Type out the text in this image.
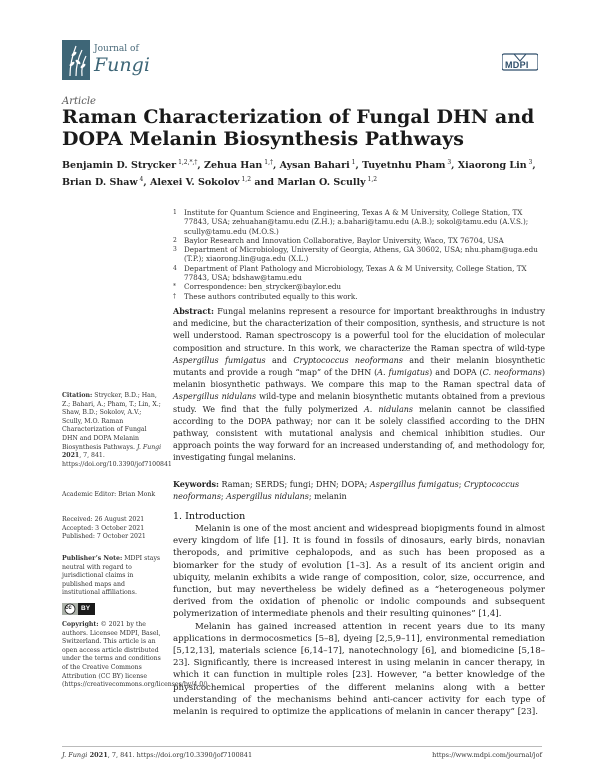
Journal of
Fungi	MDPI
Article
Raman Characterization of Fungal DHN and DOPA Melanin Biosynthesis Pathways
Benjamin D. Strycker $^{1,2,*,\dagger}$, Zehua Han $^{1,\dagger}$, Aysan Bahari $^1$, Tuyetnhu Pham $^3$, Xiaorong Lin $^3$, Brian D. Shaw $^4$, Alexei V. Sokolov $^{1,2}$ and Marlan O. Scully $^{1,2}$
1 Institute for Quantum Science and Engineering, Texas A & M University, College Station, TX 77843, USA; zehuahan@tamu.edu (Z.H.); a.bahari@tamu.edu (A.B.); sokol@tamu.edu (A.V.S.); scully@tamu.edu (M.O.S.)
2 Baylor Research and Innovation Collaborative, Baylor University, Waco, TX 76704, USA
3 Department of Microbiology, University of Georgia, Athens, GA 30602, USA; nhu.pham@uga.edu (T.P.); xiaorong.lin@uga.edu (X.L.)
4 Department of Plant Pathology and Microbiology, Texas A & M University, College Station, TX 77843, USA; bdshaw@tamu.edu
* Correspondence: ben_strycker@baylor.edu
† These authors contributed equally to this work.
Abstract: Fungal melanins represent a resource for important breakthroughs in industry and medicine, but the characterization of their composition, synthesis, and structure is not well understood. Raman spectroscopy is a powerful tool for the elucidation of molecular composition and structure. In this work, we characterize the Raman spectra of wild-type Aspergillus fumigatus and Cryptococcus neoformans and their melanin biosynthetic mutants and provide a rough “map” of the DHN (A. fumigatus) and DOPA (C. neoformans) melanin biosynthetic pathways. We compare this map to the Raman spectral data of Aspergillus nidulans wild-type and melanin biosynthetic mutants obtained from a previous study. We find that the fully polymerized A. nidulans melanin cannot be classified according to the DOPA pathway; nor can it be solely classified according to the DHN pathway, consistent with mutational analysis and chemical inhibition studies. Our approach points the way forward for an increased understanding of, and methodology for, investigating fungal melanins.
Keywords: Raman; SERDS; fungi; DHN; DOPA; Aspergillus fumigatus; Cryptococcus neoformans; Aspergillus nidulans; melanin
Citation: Strycker, B.D.; Han, Z.; Bahari, A.; Pham, T.; Lin, X.; Shaw, B.D.; Sokolov, A.V.; Scully, M.O. Raman Characterization of Fungal DHN and DOPA Melanin Biosynthesis Pathways. J. Fungi 2021, 7, 841. https://doi.org/10.3390/jof7100841
Academic Editor: Brian Monk
Received: 26 August 2021
Accepted: 3 October 2021
Published: 7 October 2021
Publisher’s Note: MDPI stays neutral with regard to jurisdictional claims in published maps and institutional affiliations.
cc BY
Copyright: © 2021 by the authors. Licensee MDPI, Basel, Switzerland. This article is an open access article distributed under the terms and conditions of the Creative Commons Attribution (CC BY) license (https://creativecommons.org/licenses/by/4.0/).
1. Introduction

Melanin is one of the most ancient and widespread biopigments found in almost every kingdom of life [1]. It is found in fossils of dinosaurs, early birds, nonavian theropods, and primitive cephalopods, and as such has been proposed as a biomarker for the study of evolution [1–3]. As a result of its ancient origin and ubiquity, melanin exhibits a wide range of composition, color, size, occurrence, and function, but may nevertheless be widely defined as a “heterogeneous polymer derived from the oxidation of phenolic or indolic compounds and subsequent polymerization of intermediate phenols and their resulting quinones” [1,4].

Melanin has gained increased attention in recent years due to its many applications in dermocosmetics [5–8], dyeing [2,5,9–11], environmental remediation [5,12,13], materials science [6,14–17], nanotechnology [6], and biomedicine [5,18–23]. Significantly, there is increased interest in using melanin in cancer therapy, in which it can function in multiple roles [23]. However, “a better knowledge of the physicochemical properties of the different melanins along with a better understanding of the mechanisms behind anti-cancer activity for each type of melanin is required to optimize the applications of melanin in cancer therapy” [23].

J. Fungi 2021, 7, 841. https://doi.org/10.3390/jof7100841	https://www.mdpi.com/journal/jof
